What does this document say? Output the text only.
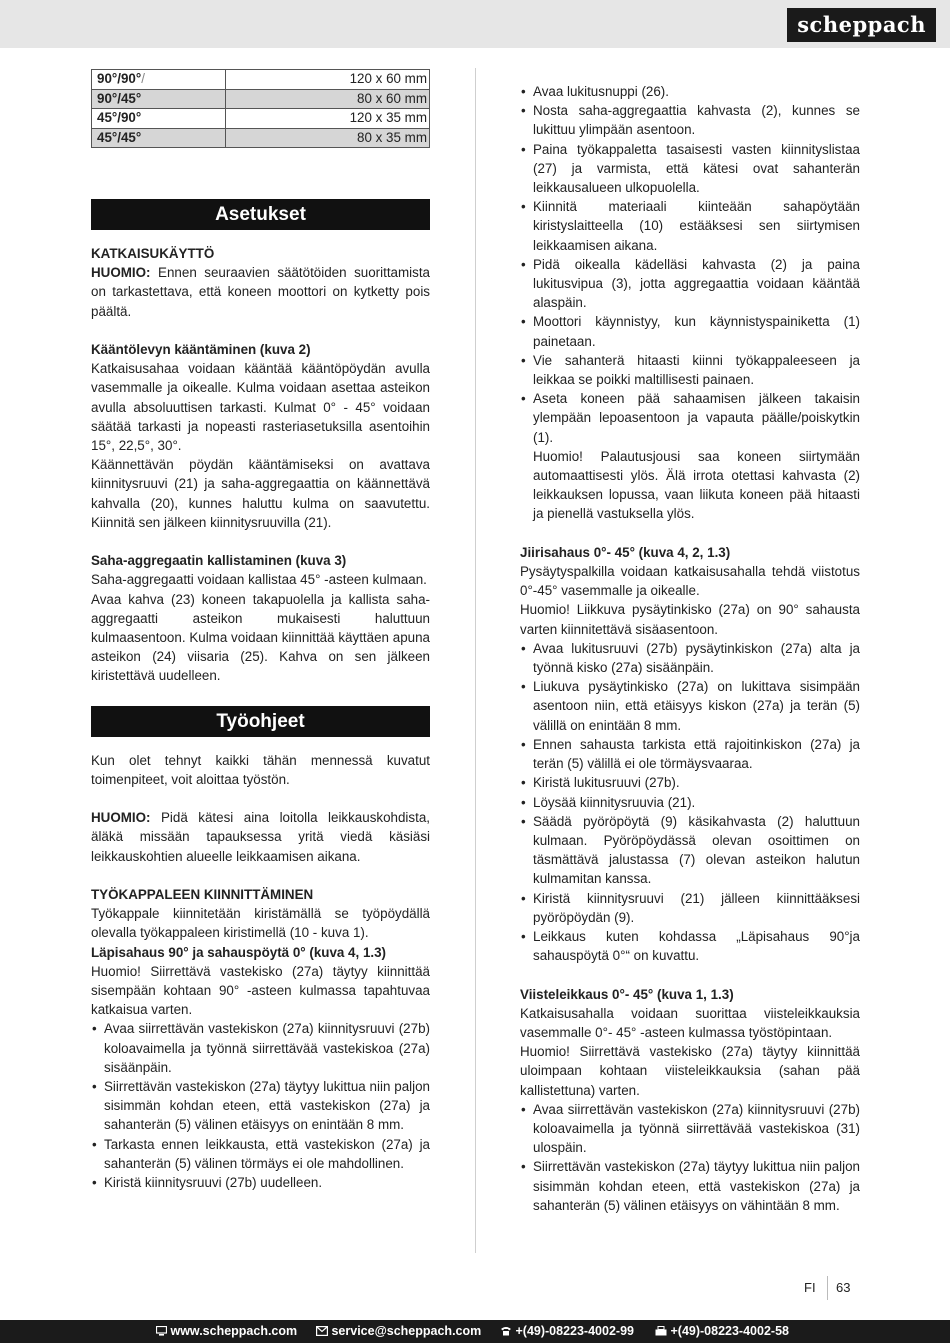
scheppach
90°/90°/	120 x 60 mm
90°/45°	80 x 60 mm
45°/90°	120 x 35 mm
45°/45°	80 x 35 mm
Asetukset

KATKAISUKÄYTTÖ

HUOMIO: Ennen seuraavien säätötöiden suorittamista on tarkastettava, että koneen moottori on kytketty pois päältä.

Kääntölevyn kääntäminen (kuva 2)

Katkaisusahaa voidaan kääntää kääntöpöydän avulla vasemmalle ja oikealle. Kulma voidaan asettaa asteikon avulla absoluuttisen tarkasti. Kulmat 0° - 45° voidaan säätää tarkasti ja nopeasti rasteriasetuksilla asentoihin 15°, 22,5°, 30°.

Käännettävän pöydän kääntämiseksi on avattava kiinnitysruuvi (21) ja saha-aggregaattia on käännettävä kahvalla (20), kunnes haluttu kulma on saavutettu. Kiinnitä sen jälkeen kiinnitysruuvilla (21).

Saha-aggregaatin kallistaminen (kuva 3)

Saha-aggregaatti voidaan kallistaa 45° -asteen kulmaan.

Avaa kahva (23) koneen takapuolella ja kallista saha-aggregaatti asteikon mukaisesti haluttuun kulmaasentoon. Kulma voidaan kiinnittää käyttäen apuna asteikon (24) viisaria (25). Kahva on sen jälkeen kiristettävä uudelleen.

Työohjeet

Kun olet tehnyt kaikki tähän mennessä kuvatut toimenpiteet, voit aloittaa työstön.

HUOMIO: Pidä kätesi aina loitolla leikkauskohdista, äläkä missään tapauksessa yritä viedä käsiäsi leikkauskohtien alueelle leikkaamisen aikana.

TYÖKAPPALEEN KIINNITTÄMINEN

Työkappale kiinnitetään kiristämällä se työpöydällä olevalla työkappaleen kiristimellä (10 - kuva 1).

Läpisahaus 90° ja sahauspöytä 0° (kuva 4, 1.3)

Huomio! Siirrettävä vastekisko (27a) täytyy kiinnittää sisempään kohtaan 90° -asteen kulmassa tapahtuvaa katkaisua varten.

• Avaa siirrettävän vastekiskon (27a) kiinnitysruuvi (27b) koloavaimella ja työnnä siirrettävää vastekiskoa (27a) sisäänpäin.
• Siirrettävän vastekiskon (27a) täytyy lukittua niin paljon sisimmän kohdan eteen, että vastekiskon (27a) ja sahanterän (5) välinen etäisyys on enintään 8 mm.
• Tarkasta ennen leikkausta, että vastekiskon (27a) ja sahanterän (5) välinen törmäys ei ole mahdollinen.
• Kiristä kiinnitysruuvi (27b) uudelleen.
• Avaa lukitusnuppi (26).
• Nosta saha-aggregaattia kahvasta (2), kunnes se lukittuu ylimpään asentoon.
• Paina työkappaletta tasaisesti vasten kiinnityslistaa (27) ja varmista, että kätesi ovat sahanterän leikkausalueen ulkopuolella.
• Kiinnitä materiaali kiinteään sahapöytään kiristyslaitteella (10) estääksesi sen siirtymisen leikkaamisen aikana.
• Pidä oikealla kädelläsi kahvasta (2) ja paina lukitusvipua (3), jotta aggregaattia voidaan kääntää alaspäin.
• Moottori käynnistyy, kun käynnistyspainiketta (1) painetaan.
• Vie sahanterä hitaasti kiinni työkappaleeseen ja leikkaa se poikki maltillisesti painaen.
• Aseta koneen pää sahaamisen jälkeen takaisin ylempään lepoasentoon ja vapauta päälle/poiskytkin (1).
Huomio! Palautusjousi saa koneen siirtymään automaattisesti ylös. Älä irrota otettasi kahvasta (2) leikkauksen lopussa, vaan liikuta koneen pää hitaasti ja pienellä vastuksella ylös.

Jiirisahaus 0°- 45° (kuva 4, 2, 1.3)

Pysäytyspalkilla voidaan katkaisusahalla tehdä viistotus 0°-45° vasemmalle ja oikealle.

Huomio! Liikkuva pysäytinkisko (27a) on 90° sahausta varten kiinnitettävä sisäasentoon.

• Avaa lukitusruuvi (27b) pysäytinkiskon (27a) alta ja työnnä kisko (27a) sisäänpäin.
• Liukuva pysäytinkisko (27a) on lukittava sisimpään asentoon niin, että etäisyys kiskon (27a) ja terän (5) välillä on enintään 8 mm.
• Ennen sahausta tarkista että rajoitinkiskon (27a) ja terän (5) välillä ei ole törmäysvaaraa.
• Kiristä lukitusruuvi (27b).
• Löysää kiinnitysruuvia (21).
• Säädä pyöröpöytä (9) käsikahvasta (2) haluttuun kulmaan. Pyöröpöydässä olevan osoittimen on täsmättävä jalustassa (7) olevan asteikon halutun kulmamitan kanssa.
• Kiristä kiinnitysruuvi (21) jälleen kiinnittääksesi pyöröpöydän (9).
• Leikkaus kuten kohdassa „Läpisahaus 90°ja sahauspöytä 0°“ on kuvattu.

Viisteleikkaus 0°- 45° (kuva 1, 1.3)

Katkaisusahalla voidaan suorittaa viisteleikkauksia vasemmalle 0°- 45° -asteen kulmassa työstöpintaan.

Huomio! Siirrettävä vastekisko (27a) täytyy kiinnittää uloimpaan kohtaan viisteleikkauksia (sahan pää kallistettuna) varten.

• Avaa siirrettävän vastekiskon (27a) kiinnitysruuvi (27b) koloavaimella ja työnnä siirrettävää vastekiskoa (31) ulospäin.
• Siirrettävän vastekiskon (27a) täytyy lukittua niin paljon sisimmän kohdan eteen, että vastekiskon (27a) ja sahanterän (5) välinen etäisyys on vähintään 8 mm.
FI 63
www.scheppach.com	service@scheppach.com	+(49)-08223-4002-99	+(49)-08223-4002-58
